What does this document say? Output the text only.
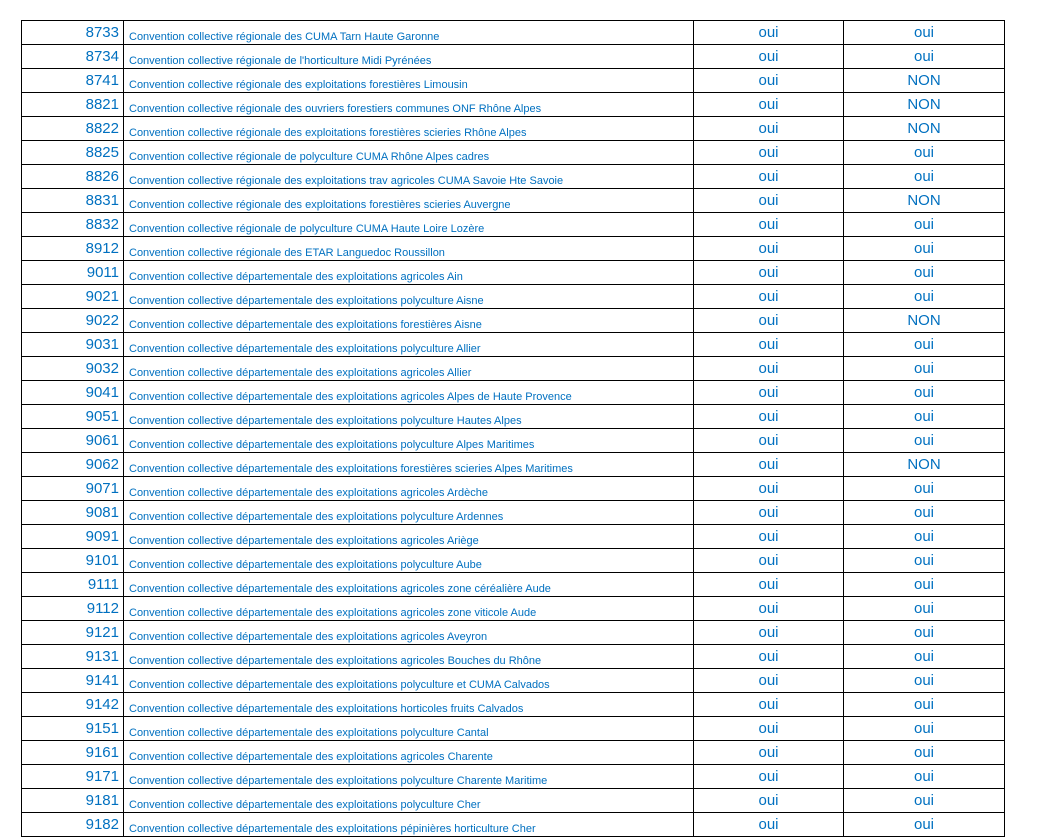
8733	Convention collective régionale des CUMA Tarn Haute Garonne	oui	oui
8734	Convention collective régionale de l'horticulture Midi Pyrénées	oui	oui
8741	Convention collective régionale des exploitations forestières Limousin	oui	NON
8821	Convention collective régionale des ouvriers forestiers communes ONF Rhône Alpes	oui	NON
8822	Convention collective régionale des exploitations forestières scieries Rhône Alpes	oui	NON
8825	Convention collective régionale de polyculture CUMA Rhône Alpes cadres	oui	oui
8826	Convention collective régionale des exploitations trav agricoles CUMA Savoie Hte Savoie	oui	oui
8831	Convention collective régionale des exploitations forestières scieries Auvergne	oui	NON
8832	Convention collective régionale de polyculture CUMA Haute Loire Lozère	oui	oui
8912	Convention collective régionale des ETAR Languedoc Roussillon	oui	oui
9011	Convention collective départementale des exploitations agricoles Ain	oui	oui
9021	Convention collective départementale des exploitations polyculture Aisne	oui	oui
9022	Convention collective départementale des exploitations forestières Aisne	oui	NON
9031	Convention collective départementale des exploitations polyculture Allier	oui	oui
9032	Convention collective départementale des exploitations agricoles Allier	oui	oui
9041	Convention collective départementale des exploitations agricoles Alpes de Haute Provence	oui	oui
9051	Convention collective départementale des exploitations polyculture Hautes Alpes	oui	oui
9061	Convention collective départementale des exploitations polyculture Alpes Maritimes	oui	oui
9062	Convention collective départementale des exploitations forestières scieries Alpes Maritimes	oui	NON
9071	Convention collective départementale des exploitations agricoles Ardèche	oui	oui
9081	Convention collective départementale des exploitations polyculture Ardennes	oui	oui
9091	Convention collective départementale des exploitations agricoles Ariège	oui	oui
9101	Convention collective départementale des exploitations polyculture Aube	oui	oui
9111	Convention collective départementale des exploitations agricoles zone céréalière Aude	oui	oui
9112	Convention collective départementale des exploitations agricoles zone viticole Aude	oui	oui
9121	Convention collective départementale des exploitations agricoles Aveyron	oui	oui
9131	Convention collective départementale des exploitations agricoles Bouches du Rhône	oui	oui
9141	Convention collective départementale des exploitations polyculture et CUMA Calvados	oui	oui
9142	Convention collective départementale des exploitations horticoles fruits Calvados	oui	oui
9151	Convention collective départementale des exploitations polyculture Cantal	oui	oui
9161	Convention collective départementale des exploitations agricoles Charente	oui	oui
9171	Convention collective départementale des exploitations polyculture Charente Maritime	oui	oui
9181	Convention collective départementale des exploitations polyculture Cher	oui	oui
9182	Convention collective départementale des exploitations pépinières horticulture Cher	oui	oui
